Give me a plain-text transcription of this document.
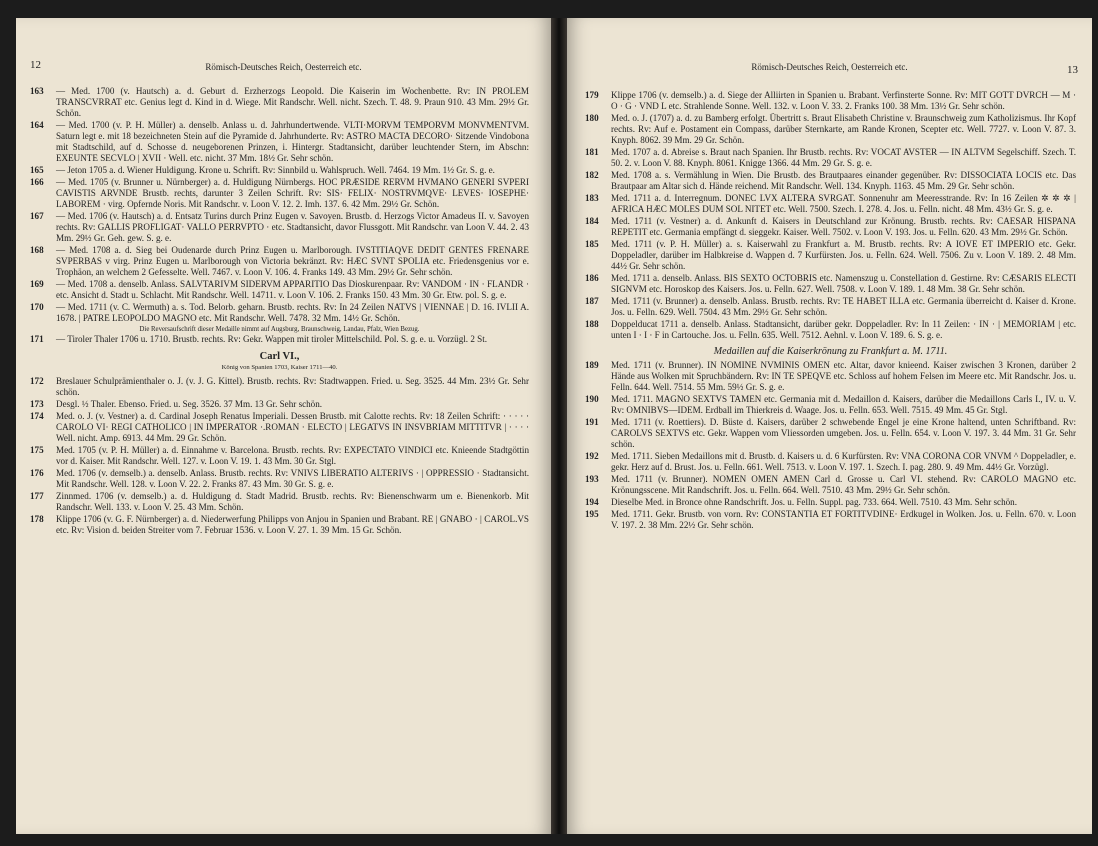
12	Römisch-Deutsches Reich, Oesterreich etc.
163	— Med. 1700 (v. Hautsch) a. d. Geburt d. Erzherzogs Leopold. Die Kaiserin im Wochenbette. Rv: IN PROLEM TRANSCVRRAT etc. Genius legt d. Kind in d. Wiege. Mit Randschr. Well. nicht. Szech. T. 48. 9. Praun 910. 43 Mm. 29½ Gr. Schön.
164	— Med. 1700 (v. P. H. Müller) a. denselb. Anlass u. d. Jahrhundertwende. VLTI·MORVM TEMPORVM MONVMENTVM. Saturn legt e. mit 18 bezeichneten Stein auf die Pyramide d. Jahrhunderte. Rv: ASTRO MACTA DECORO· Sitzende Vindobona mit Stadtschild, auf d. Schosse d. neugeborenen Prinzen, i. Hintergr. Stadtansicht, darüber leuchtender Stern, im Abschn: EXEUNTE SECVLO | XVII · Well. etc. nicht. 37 Mm. 18½ Gr. Sehr schön.
165	— Jeton 1705 a. d. Wiener Huldigung. Krone u. Schrift. Rv: Sinnbild u. Wahlspruch. Well. 7464. 19 Mm. 1½ Gr. S. g. e.
166	— Med. 1705 (v. Brunner u. Nürnberger) a. d. Huldigung Nürnbergs. HOC PRÆSIDE RERVM HVMANO GENERI SVPERI CAVISTIS ARVNDE Brustb. rechts, darunter 3 Zeilen Schrift. Rv: SIS· FELIX· NOSTRVMQVE· LEVES· IOSEPHE· LABOREM · virg. Opfernde Noris. Mit Randschr. v. Loon V. 12. 2. Imh. 137. 6. 42 Mm. 29½ Gr. Schön.
167	— Med. 1706 (v. Hautsch) a. d. Entsatz Turins durch Prinz Eugen v. Savoyen. Brustb. d. Herzogs Victor Amadeus II. v. Savoyen rechts. Rv: GALLIS PROFLIGAT· VALLO PERRVPTO · etc. Stadtansicht, davor Flussgott. Mit Randschr. van Loon V. 44. 2. 43 Mm. 29½ Gr. Geh. gew. S. g. e.
168	— Med. 1708 a. d. Sieg bei Oudenarde durch Prinz Eugen u. Marlborough. IVSTITIAQVE DEDIT GENTES FRENARE SVPERBAS v virg. Prinz Eugen u. Marlborough von Victoria bekränzt. Rv: HÆC SVNT SPOLIA etc. Friedensgenius vor e. Trophäon, an welchem 2 Gefesselte. Well. 7467. v. Loon V. 106. 4. Franks 149. 43 Mm. 29½ Gr. Sehr schön.
169	— Med. 1708 a. denselb. Anlass. SALVTARIVM SIDERVM APPARITIO Das Dioskurenpaar. Rv: VANDOM · IN · FLANDR · etc. Ansicht d. Stadt u. Schlacht. Mit Randschr. Well. 14711. v. Loon V. 106. 2. Franks 150. 43 Mm. 30 Gr. Etw. pol. S. g. e.
170	— Med. 1711 (v. C. Wermuth) a. s. Tod. Belorb. geharn. Brustb. rechts. Rv: In 24 Zeilen NATVS | VIENNAE | D. 16. IVLII A. 1678. | PATRE LEOPOLDO MAGNO etc. Mit Randschr. Well. 7478. 32 Mm. 14½ Gr. Schön.
Die Reversaufschrift dieser Medaille nimmt auf Augsburg, Braunschweig, Landau, Pfalz, Wien Bezug.
171	— Tiroler Thaler 1706 u. 1710. Brustb. rechts. Rv: Gekr. Wappen mit tiroler Mittelschild. Pol. S. g. e. u. Vorzügl. 2 St.
Carl VI.,
König von Spanien 1703, Kaiser 1711—40.
172	Breslauer Schulprämienthaler o. J. (v. J. G. Kittel). Brustb. rechts. Rv: Stadtwappen. Fried. u. Seg. 3525. 44 Mm. 23½ Gr. Sehr schön.
173	Desgl. ½ Thaler. Ebenso. Fried. u. Seg. 3526. 37 Mm. 13 Gr. Sehr schön.
174	Med. o. J. (v. Vestner) a. d. Cardinal Joseph Renatus Imperiali. Dessen Brustb. mit Calotte rechts. Rv: 18 Zeilen Schrift: · · · · · CAROLO VI· REGI CATHOLICO | IN IMPERATOR ·.ROMAN · ELECTO | LEGATVS IN INSVBRIAM MITTITVR | · · · · Well. nicht. Amp. 6913. 44 Mm. 29 Gr. Schön.
175	Med. 1705 (v. P. H. Müller) a. d. Einnahme v. Barcelona. Brustb. rechts. Rv: EXPECTATO VINDICI etc. Knieende Stadtgöttin vor d. Kaiser. Mit Randschr. Well. 127. v. Loon V. 19. 1. 43 Mm. 30 Gr. Stgl.
176	Med. 1706 (v. demselb.) a. denselb. Anlass. Brustb. rechts. Rv: VNIVS LIBERATIO ALTERIVS · | OPPRESSIO · Stadtansicht. Mit Randschr. Well. 128. v. Loon V. 22. 2. Franks 87. 43 Mm. 30 Gr. S. g. e.
177	Zinnmed. 1706 (v. demselb.) a. d. Huldigung d. Stadt Madrid. Brustb. rechts. Rv: Bienenschwarm um e. Bienenkorb. Mit Randschr. Well. 133. v. Loon V. 25. 43 Mm. Schön.
178	Klippe 1706 (v. G. F. Nürnberger) a. d. Niederwerfung Philipps von Anjou in Spanien und Brabant. RE | GNABO · | CAROL.VS etc. Rv: Vision d. beiden Streiter vom 7. Februar 1536. v. Loon V. 27. 1. 39 Mm. 15 Gr. Schön.
13
Römisch-Deutsches Reich, Oesterreich etc.
179	Klippe 1706 (v. demselb.) a. d. Siege der Alliirten in Spanien u. Brabant. Verfinsterte Sonne. Rv: MIT GOTT DVRCH — M · O · G · VND L etc. Strahlende Sonne. Well. 132. v. Loon V. 33. 2. Franks 100. 38 Mm. 13½ Gr. Sehr schön.
180	Med. o. J. (1707) a. d. zu Bamberg erfolgt. Übertritt s. Braut Elisabeth Christine v. Braunschweig zum Katholizismus. Ihr Kopf rechts. Rv: Auf e. Postament ein Compass, darüber Sternkarte, am Rande Kronen, Scepter etc. Well. 7727. v. Loon V. 87. 3. Knyph. 8062. 39 Mm. 29 Gr. Schön.
181	Med. 1707 a. d. Abreise s. Braut nach Spanien. Ihr Brustb. rechts. Rv: VOCAT AVSTER — IN ALTVM Segelschiff. Szech. T. 50. 2. v. Loon V. 88. Knyph. 8061. Knigge 1366. 44 Mm. 29 Gr. S. g. e.
182	Med. 1708 a. s. Vermählung in Wien. Die Brustb. des Brautpaares einander gegenüber. Rv: DISSOCIATA LOCIS etc. Das Brautpaar am Altar sich d. Hände reichend. Mit Randschr. Well. 134. Knyph. 1163. 45 Mm. 29 Gr. Sehr schön.
183	Med. 1711 a. d. Interregnum. DONEC LVX ALTERA SVRGAT. Sonnenuhr am Meeresstrande. Rv: In 16 Zeilen ✲ ✲ ✲ | AFRICA HÆC MOLES DUM SOL NITET etc. Well. 7500. Szech. I. 278. 4. Jos. u. Felln. nicht. 48 Mm. 43½ Gr. S. g. e.
184	Med. 1711 (v. Vestner) a. d. Ankunft d. Kaisers in Deutschland zur Krönung. Brustb. rechts. Rv: CAESAR HISPANA REPETIT etc. Germania empfängt d. sieggekr. Kaiser. Well. 7502. v. Loon V. 193. Jos. u. Felln. 620. 43 Mm. 29½ Gr. Schön.
185	Med. 1711 (v. P. H. Müller) a. s. Kaiserwahl zu Frankfurt a. M. Brustb. rechts. Rv: A IOVE ET IMPERIO etc. Gekr. Doppeladler, darüber im Halbkreise d. Wappen d. 7 Kurfürsten. Jos. u. Felln. 624. Well. 7506. Zu v. Loon V. 189. 2. 48 Mm. 44½ Gr. Sehr schön.
186	Med. 1711 a. denselb. Anlass. BIS SEXTO OCTOBRIS etc. Namenszug u. Constellation d. Gestirne. Rv: CÆSARIS ELECTI SIGNVM etc. Horoskop des Kaisers. Jos. u. Felln. 627. Well. 7508. v. Loon V. 189. 1. 48 Mm. 38 Gr. Sehr schön.
187	Med. 1711 (v. Brunner) a. denselb. Anlass. Brustb. rechts. Rv: TE HABET ILLA etc. Germania überreicht d. Kaiser d. Krone. Jos. u. Felln. 629. Well. 7504. 43 Mm. 29½ Gr. Sehr schön.
188	Doppelducat 1711 a. denselb. Anlass. Stadtansicht, darüber gekr. Doppeladler. Rv: In 11 Zeilen: · IN · | MEMORIAM | etc. unten I · I · F in Cartouche. Jos. u. Felln. 635. Well. 7512. Aehnl. v. Loon V. 189. 6. S. g. e.
Medaillen auf die Kaiserkrönung zu Frankfurt a. M. 1711.
189	Med. 1711 (v. Brunner). IN NOMINE NVMINIS OMEN etc. Altar, davor knieend. Kaiser zwischen 3 Kronen, darüber 2 Hände aus Wolken mit Spruchbändern. Rv: IN TE SPEQVE etc. Schloss auf hohem Felsen im Meere etc. Mit Randschr. Jos. u. Felln. 644. Well. 7514. 55 Mm. 59½ Gr. S. g. e.
190	Med. 1711. MAGNO SEXTVS TAMEN etc. Germania mit d. Medaillon d. Kaisers, darüber die Medaillons Carls I., IV. u. V. Rv: OMNIBVS—IDEM. Erdball im Thierkreis d. Waage. Jos. u. Felln. 653. Well. 7515. 49 Mm. 45 Gr. Stgl.
191	Med. 1711 (v. Roettiers). D. Büste d. Kaisers, darüber 2 schwebende Engel je eine Krone haltend, unten Schriftband. Rv: CAROLVS SEXTVS etc. Gekr. Wappen vom Vliessorden umgeben. Jos. u. Felln. 654. v. Loon V. 197. 3. 44 Mm. 31 Gr. Sehr schön.
192	Med. 1711. Sieben Medaillons mit d. Brustb. d. Kaisers u. d. 6 Kurfürsten. Rv: VNA CORONA COR VNVM ^ Doppeladler, e. gekr. Herz auf d. Brust. Jos. u. Felln. 661. Well. 7513. v. Loon V. 197. 1. Szech. I. pag. 280. 9. 49 Mm. 44½ Gr. Vorzügl.
193	Med. 1711 (v. Brunner). NOMEN OMEN AMEN Carl d. Grosse u. Carl VI. stehend. Rv: CAROLO MAGNO etc. Krönungsscene. Mit Randschrift. Jos. u. Felln. 664. Well. 7510. 43 Mm. 29½ Gr. Sehr schön.
194	Dieselbe Med. in Bronce ohne Randschrift. Jos. u. Felln. Suppl. pag. 733. 664. Well. 7510. 43 Mm. Sehr schön.
195	Med. 1711. Gekr. Brustb. von vorn. Rv: CONSTANTIA ET FORTITVDINE· Erdkugel in Wolken. Jos. u. Felln. 670. v. Loon V. 197. 2. 38 Mm. 22½ Gr. Sehr schön.
